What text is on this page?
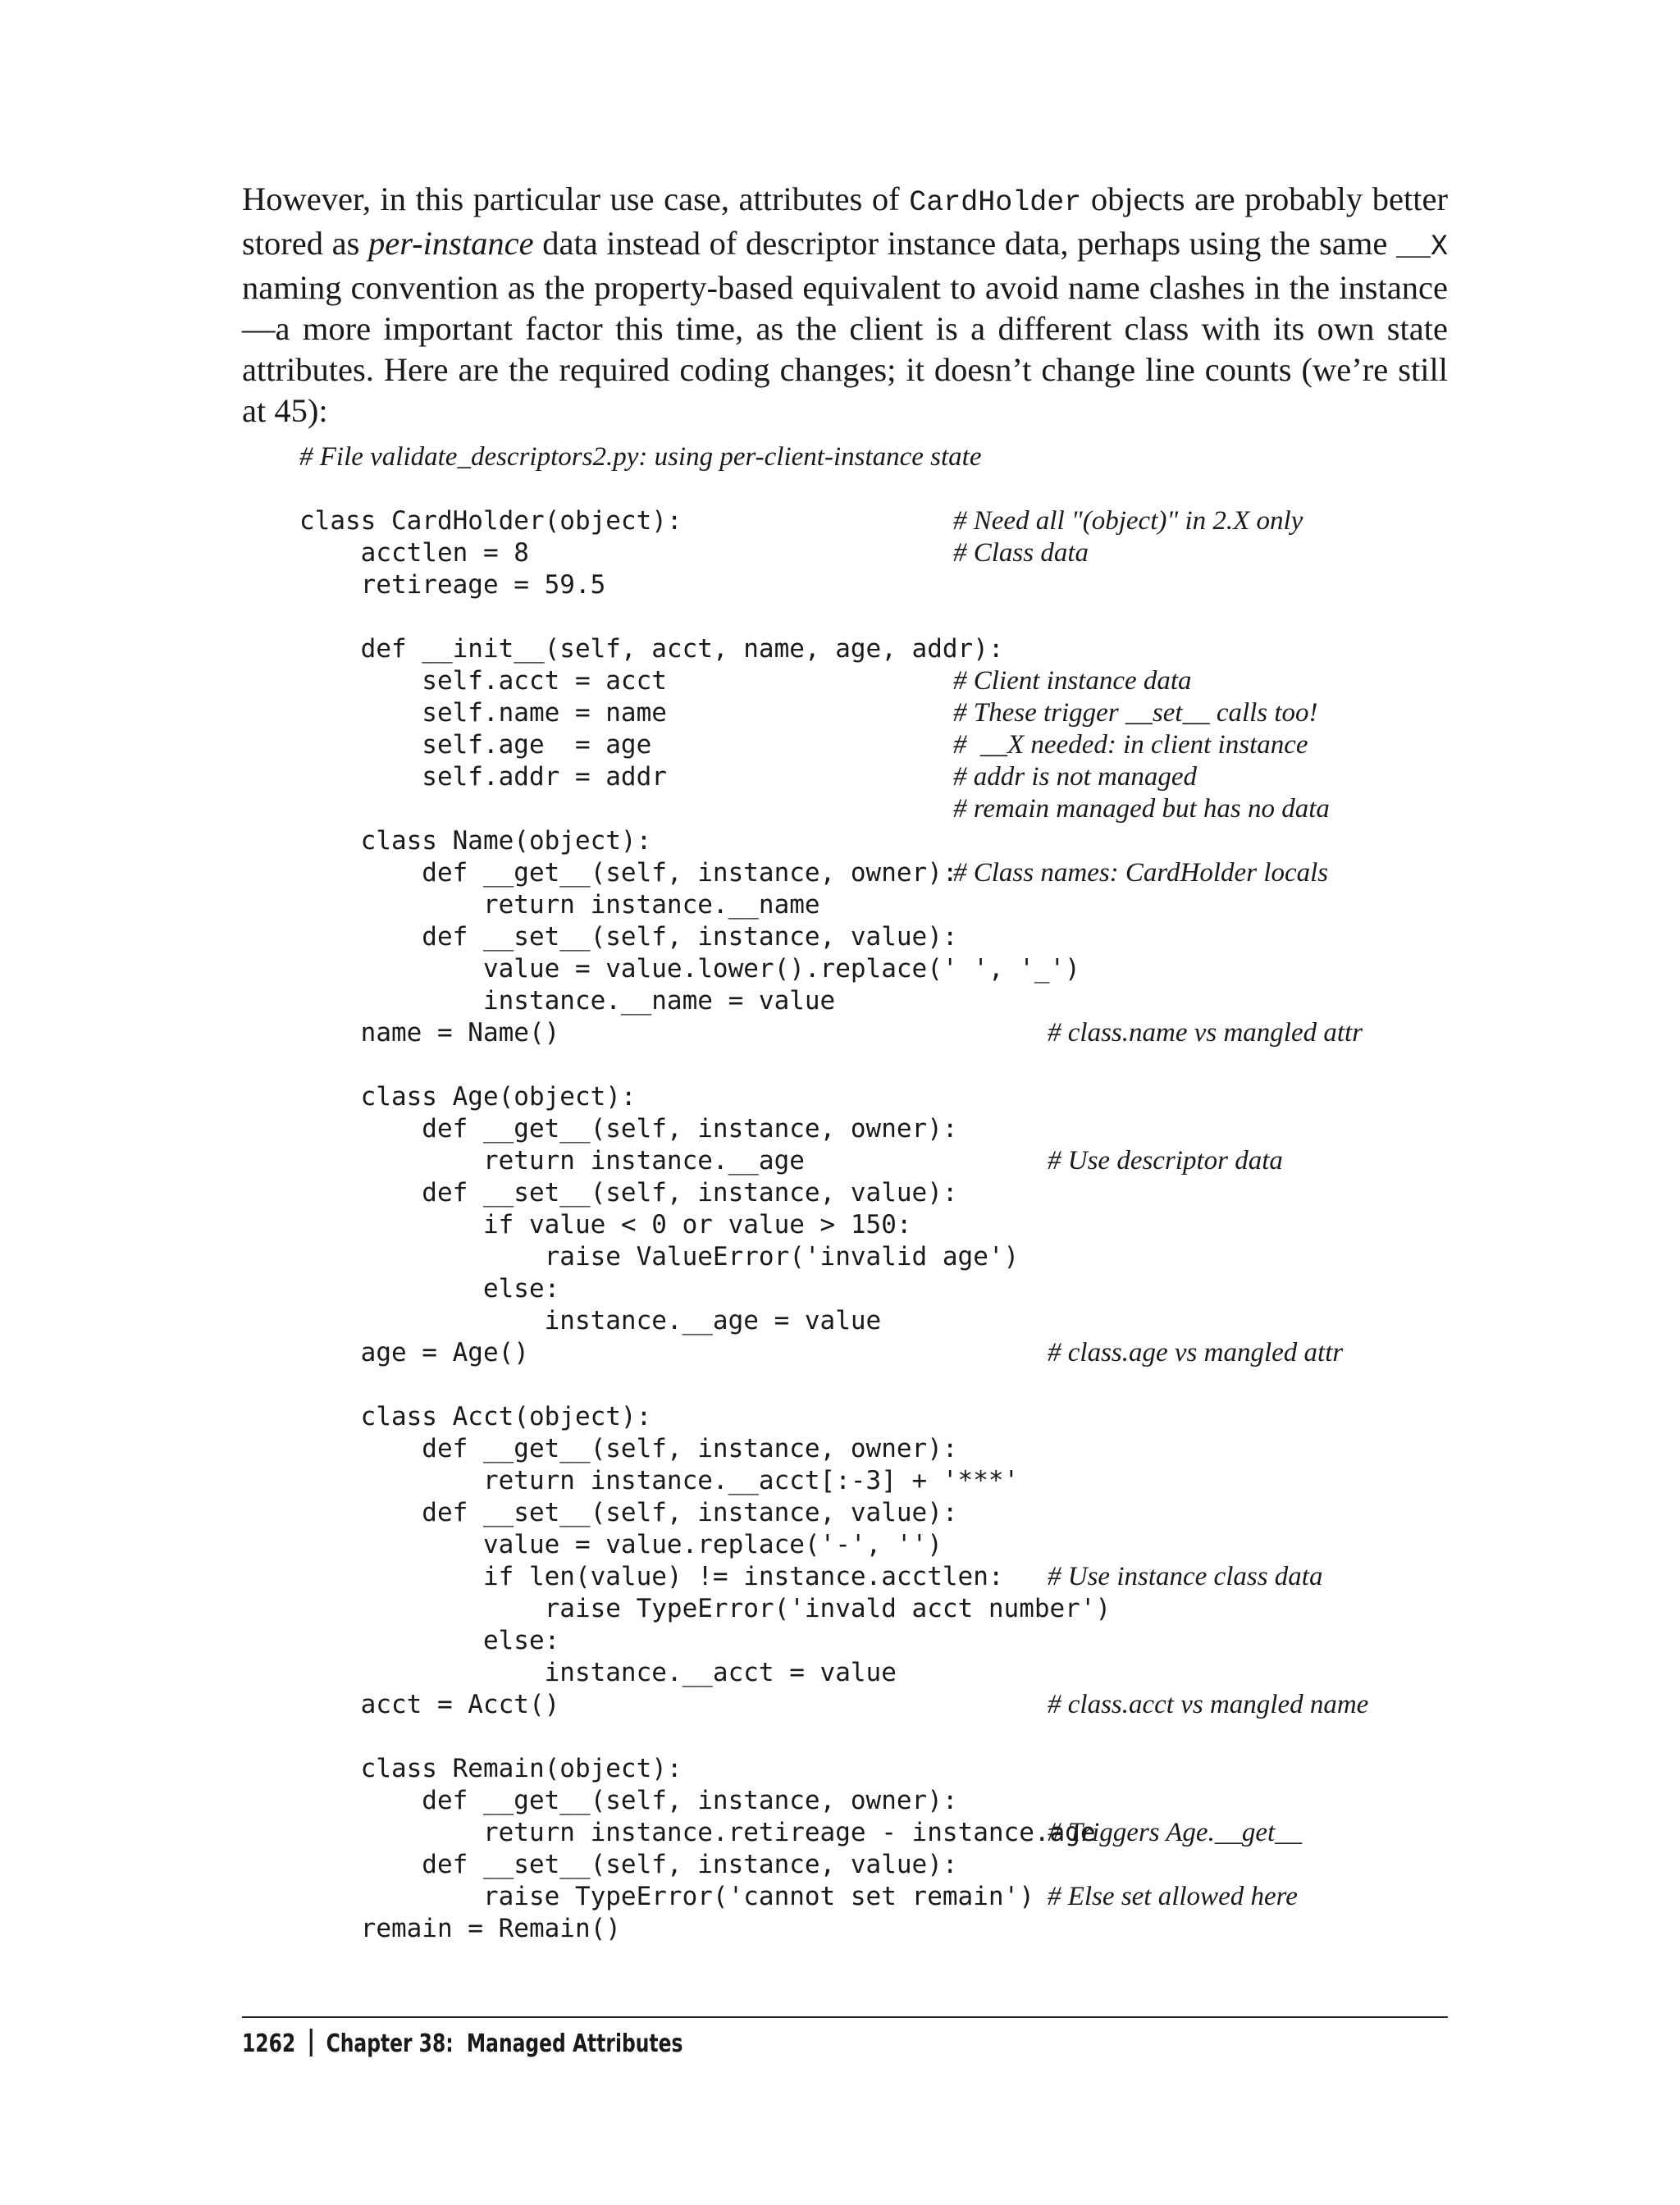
However, in this particular use case, attributes of CardHolder objects are probably better stored as per-instance data instead of descriptor instance data, perhaps using the same __X naming convention as the property-based equivalent to avoid name clashes in the instance—a more important factor this time, as the client is a different class with its own state attributes. Here are the required coding changes; it doesn’t change line counts (we’re still at 45):

# File validate_descriptors2.py: using per-client-instance state
class CardHolder(object):	# Need all "(object)" in 2.X only
acctlen = 8	# Class data
retireage = 59.5
def __init__(self, acct, name, age, addr):
self.acct = acct	# Client instance data
self.name = name	# These trigger __set__ calls too!
self.age  = age	#  __X needed: in client instance
self.addr = addr	# addr is not managed
# remain managed but has no data
class Name(object):
def __get__(self, instance, owner):
# Class names: CardHolder locals
return instance.__name
def __set__(self, instance, value):
value = value.lower().replace(' ', '_')
instance.__name = value
name = Name()	# class.name vs mangled attr
class Age(object):
def __get__(self, instance, owner):
return instance.__age	# Use descriptor data
def __set__(self, instance, value):
if value < 0 or value > 150:
raise ValueError('invalid age')
else:
instance.__age = value
age = Age()	# class.age vs mangled attr
class Acct(object):
def __get__(self, instance, owner):
return instance.__acct[:-3] + '***'
def __set__(self, instance, value):
value = value.replace('-', '')
if len(value) != instance.acctlen: # Use instance class data
raise TypeError('invald acct number')
else:
instance.__acct = value
acct = Acct()	# class.acct vs mangled name
class Remain(object):
def __get__(self, instance, owner):
return instance.retireage - instance.age
# Triggers Age.__get__
def __set__(self, instance, value):
raise TypeError('cannot set remain') # Else set allowed here
remain = Remain()
1262 Chapter 38:  Managed Attributes
